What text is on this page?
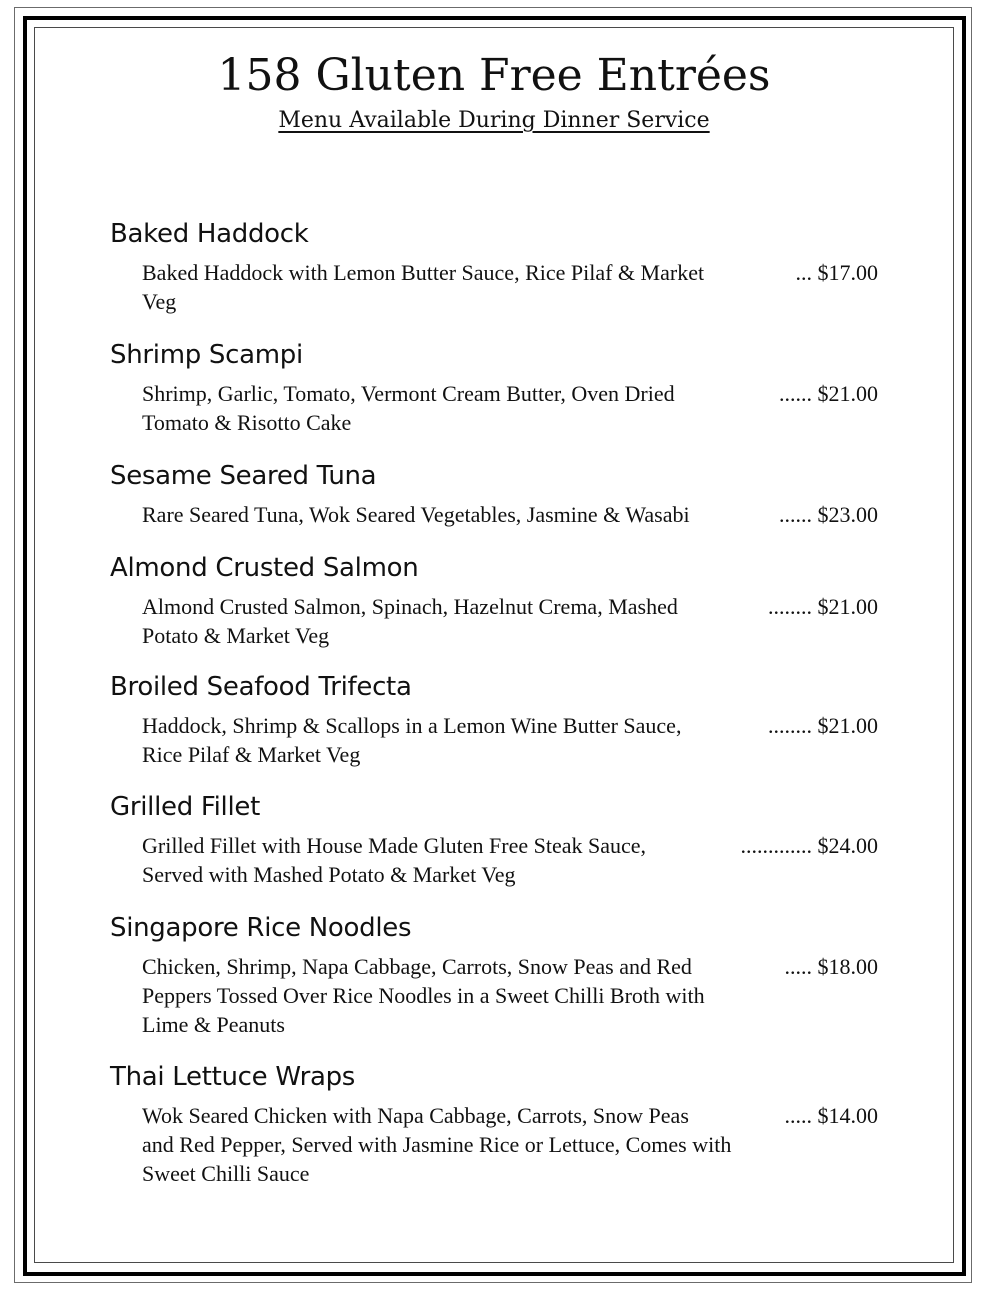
158 Gluten Free Entrées
Menu Available During Dinner Service
Baked Haddock
Baked Haddock with Lemon Butter Sauce, Rice Pilaf & Market	... $17.00
Veg
Shrimp Scampi
Shrimp, Garlic, Tomato, Vermont Cream Butter, Oven Dried	...... $21.00
Tomato & Risotto Cake
Sesame Seared Tuna
Rare Seared Tuna, Wok Seared Vegetables, Jasmine & Wasabi	...... $23.00
Almond Crusted Salmon
Almond Crusted Salmon, Spinach, Hazelnut Crema, Mashed	........ $21.00
Potato & Market Veg
Broiled Seafood Trifecta
Haddock, Shrimp & Scallops in a Lemon Wine Butter Sauce,	........ $21.00
Rice Pilaf & Market Veg
Grilled Fillet
Grilled Fillet with House Made Gluten Free Steak Sauce,	............. $24.00
Served with Mashed Potato & Market Veg
Singapore Rice Noodles
Chicken, Shrimp, Napa Cabbage, Carrots, Snow Peas and Red	..... $18.00
Peppers Tossed Over Rice Noodles in a Sweet Chilli Broth with
Lime & Peanuts
Thai Lettuce Wraps
Wok Seared Chicken with Napa Cabbage, Carrots, Snow Peas	..... $14.00
and Red Pepper, Served with Jasmine Rice or Lettuce, Comes with
Sweet Chilli Sauce
